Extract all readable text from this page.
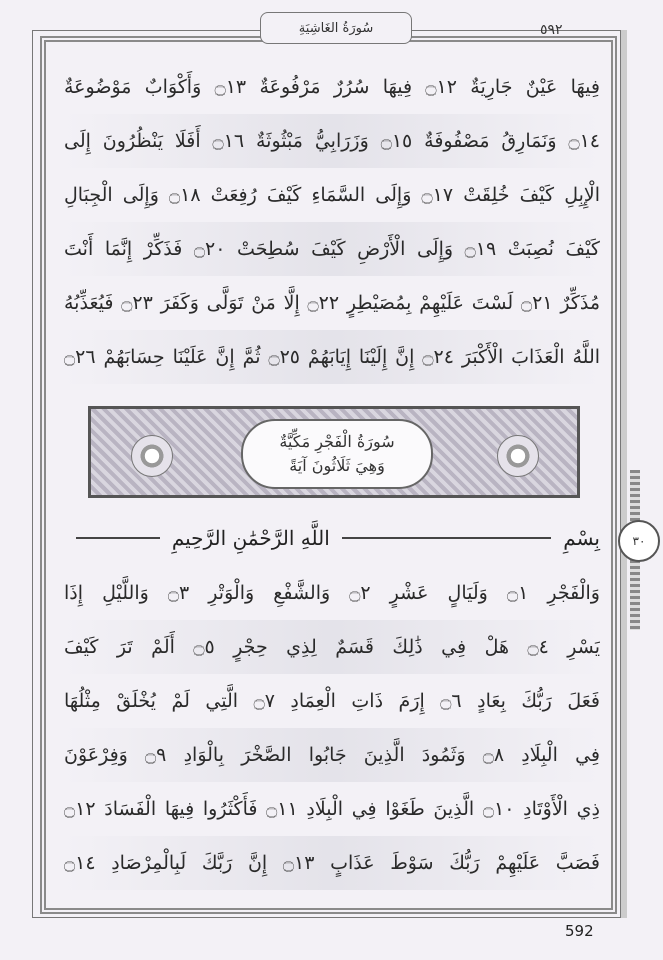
سُورَةُ الغَاشِيَةِ	٥٩٢
فِيهَا عَيْنٌ جَارِيَةٌ ۝١٢ فِيهَا سُرُرٌ مَرْفُوعَةٌ ۝١٣ وَأَكْوَابٌ مَوْضُوعَةٌ
۝١٤ وَنَمَارِقُ مَصْفُوفَةٌ ۝١٥ وَزَرَابِيُّ مَبْثُوثَةٌ ۝١٦ أَفَلَا يَنْظُرُونَ إِلَى
الْإِبِلِ كَيْفَ خُلِقَتْ ۝١٧ وَإِلَى السَّمَاءِ كَيْفَ رُفِعَتْ ۝١٨ وَإِلَى الْجِبَالِ
كَيْفَ نُصِبَتْ ۝١٩ وَإِلَى الْأَرْضِ كَيْفَ سُطِحَتْ ۝٢٠ فَذَكِّرْ إِنَّمَا أَنْتَ
مُذَكِّرٌ ۝٢١ لَسْتَ عَلَيْهِمْ بِمُصَيْطِرٍ ۝٢٢ إِلَّا مَنْ تَوَلَّى وَكَفَرَ ۝٢٣ فَيُعَذِّبُهُ
اللَّهُ الْعَذَابَ الْأَكْبَرَ ۝٢٤ إِنَّ إِلَيْنَا إِيَابَهُمْ ۝٢٥ ثُمَّ إِنَّ عَلَيْنَا حِسَابَهُمْ ۝٢٦
سُورَةُ الْفَجْرِ مَكِّيَّةٌ
وَهِيَ ثَلَاثُونَ آيَةً
٣٠
بِسْمِ
اللَّهِ الرَّحْمَٰنِ الرَّحِيمِ
وَالْفَجْرِ ۝١ وَلَيَالٍ عَشْرٍ ۝٢ وَالشَّفْعِ وَالْوَتْرِ ۝٣ وَاللَّيْلِ إِذَا
يَسْرِ ۝٤ هَلْ فِي ذَٰلِكَ قَسَمٌ لِذِي حِجْرٍ ۝٥ أَلَمْ تَرَ كَيْفَ
فَعَلَ رَبُّكَ بِعَادٍ ۝٦ إِرَمَ ذَاتِ الْعِمَادِ ۝٧ الَّتِي لَمْ يُخْلَقْ مِثْلُهَا
فِي الْبِلَادِ ۝٨ وَثَمُودَ الَّذِينَ جَابُوا الصَّخْرَ بِالْوَادِ ۝٩ وَفِرْعَوْنَ
ذِي الْأَوْتَادِ ۝١٠ الَّذِينَ طَغَوْا فِي الْبِلَادِ ۝١١ فَأَكْثَرُوا فِيهَا الْفَسَادَ ۝١٢
فَصَبَّ عَلَيْهِمْ رَبُّكَ سَوْطَ عَذَابٍ ۝١٣ إِنَّ رَبَّكَ لَبِالْمِرْصَادِ ۝١٤
592
